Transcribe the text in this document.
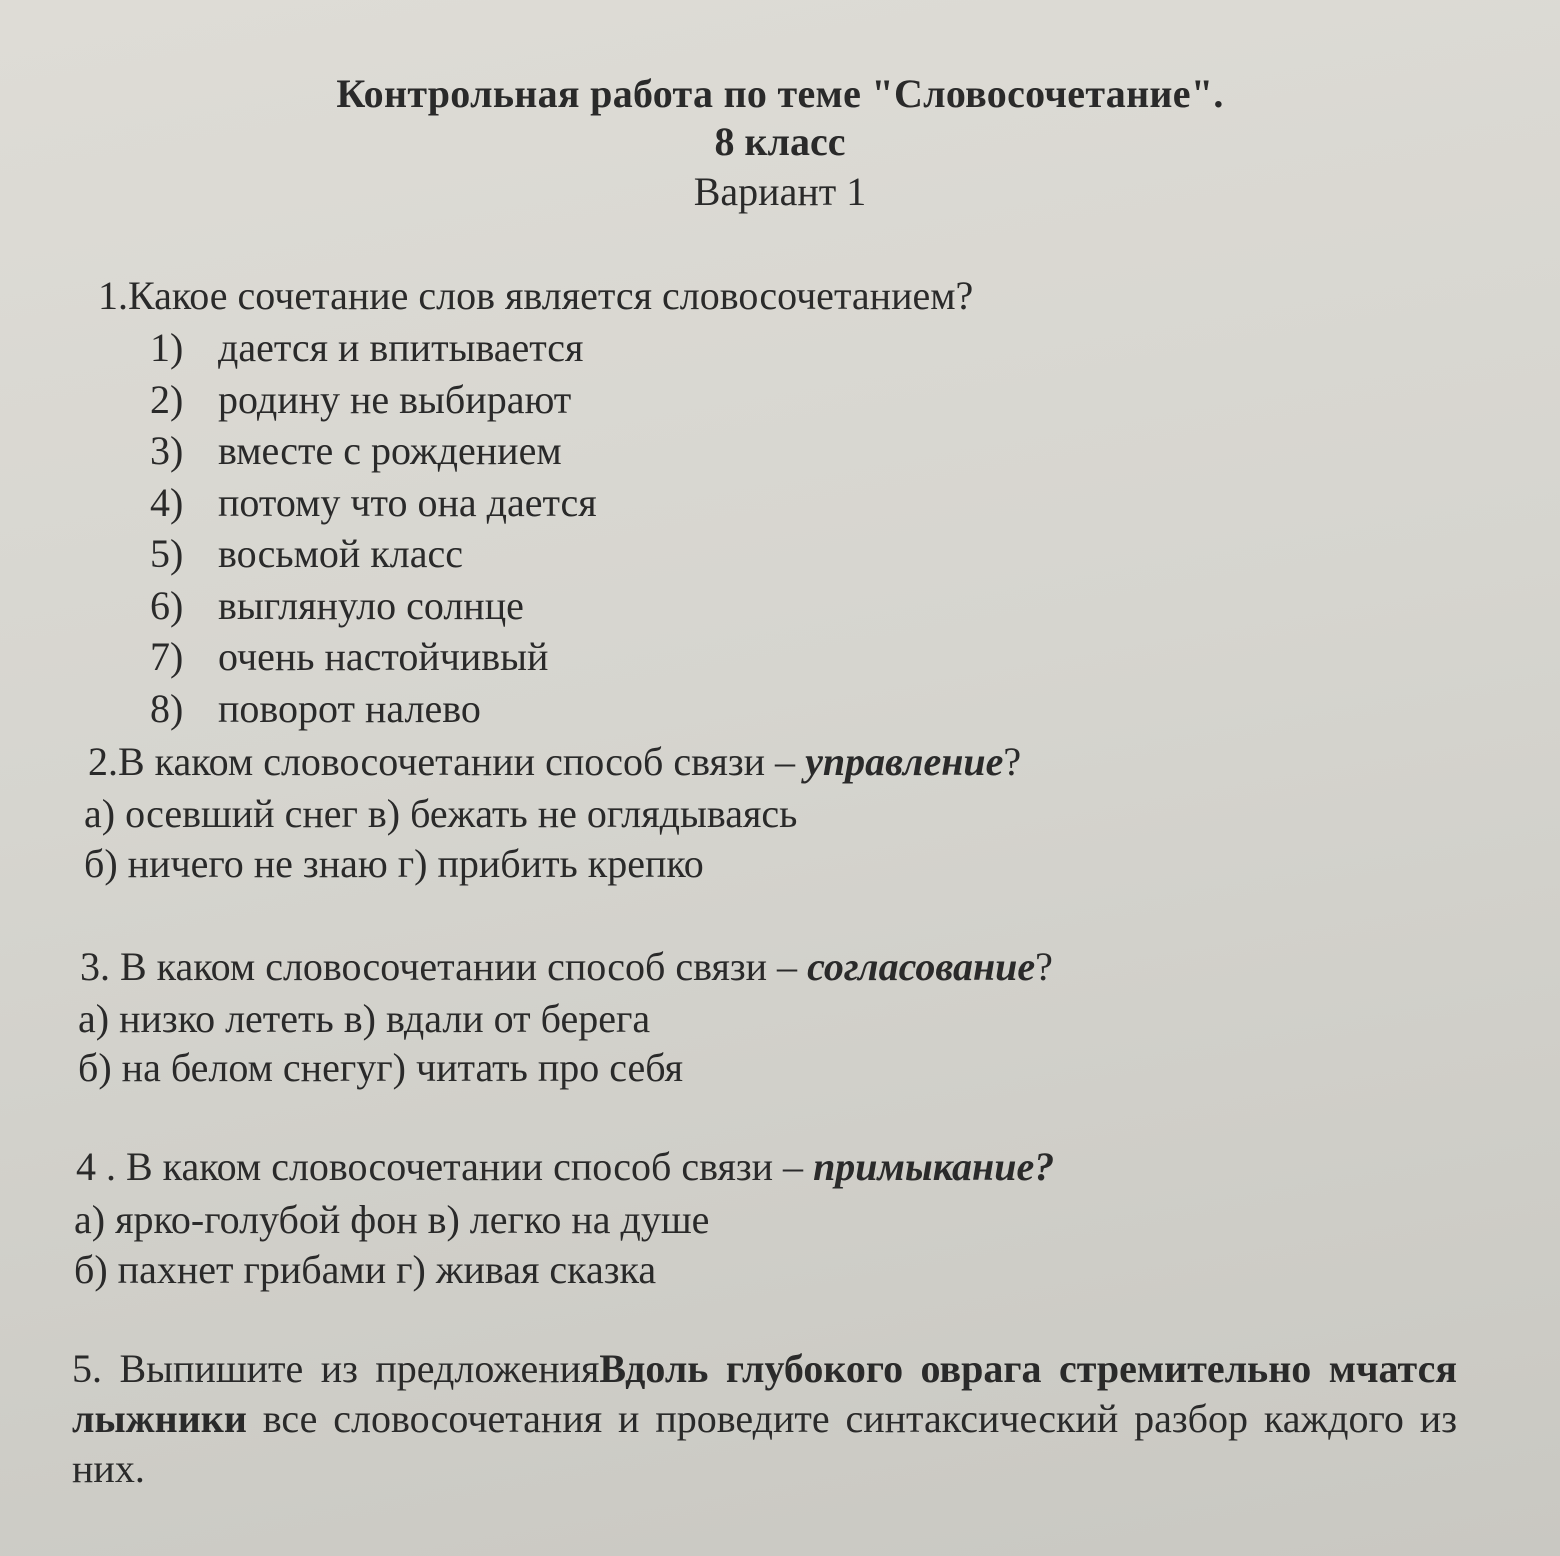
Контрольная работа по теме "Словосочетание".
8 класс
Вариант 1

1.Какое сочетание слов является словосочетанием?

1) дается и впитывается
2) родину не выбирают
3) вместе с рождением
4) потому что она дается
5) восьмой класс
6) выглянуло солнце
7) очень настойчивый
8) поворот налево

2.В каком словосочетании способ связи – управление?

а) осевший снег в) бежать не оглядываясь

б) ничего не знаю г) прибить крепко

3. В каком словосочетании способ связи – согласование?

а) низко лететь в) вдали от берега

б) на белом снегуг) читать про себя

4 . В каком словосочетании способ связи – примыкание?

а) ярко-голубой фон в) легко на душе

б) пахнет грибами г) живая сказка

5. Выпишите из предложенияВдоль глубокого оврага стремительно мчатся лыжники все словосочетания и проведите синтаксический разбор каждого из них.
